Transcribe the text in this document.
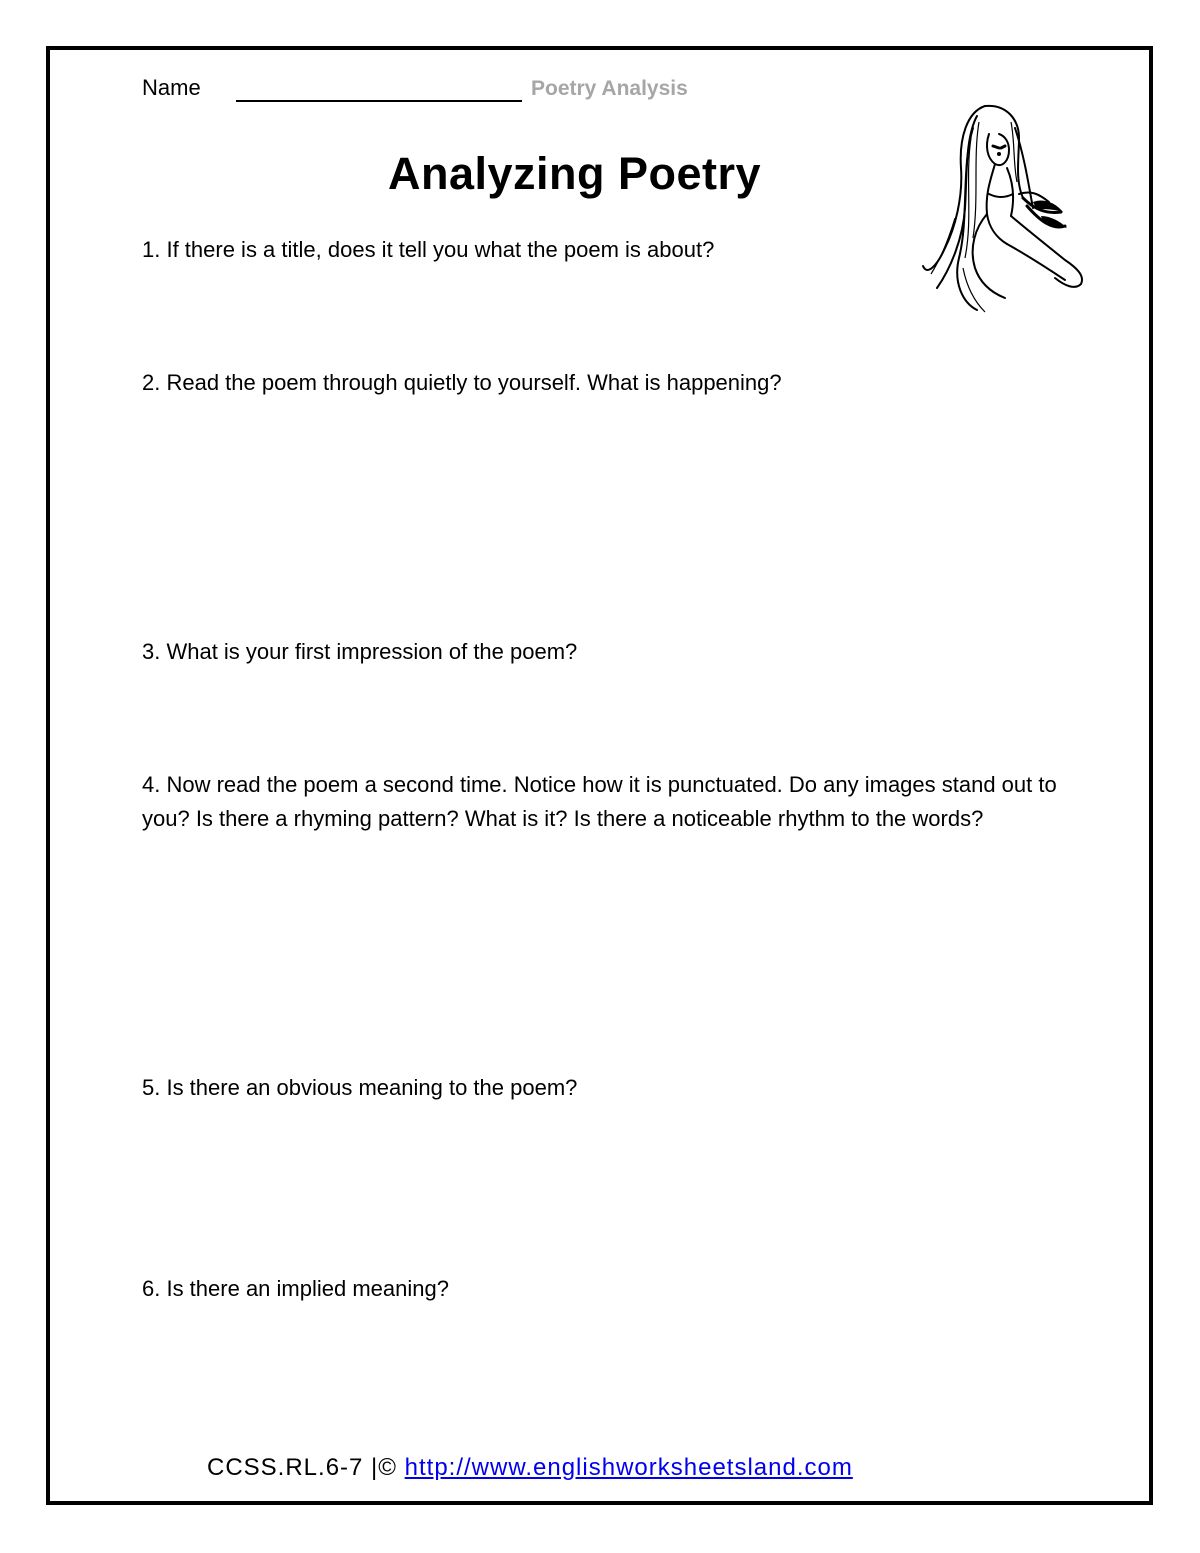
Name	Poetry Analysis
Analyzing Poetry
1. If there is a title, does it tell you what the poem is about?
2. Read the poem through quietly to yourself. What is happening?
3. What is your first impression of the poem?
4. Now read the poem a second time. Notice how it is punctuated. Do any images stand out to you? Is there a rhyming pattern? What is it? Is there a noticeable rhythm to the words?
5. Is there an obvious meaning to the poem?
6. Is there an implied meaning?
CCSS.RL.6-7 |© http://www.englishworksheetsland.com
